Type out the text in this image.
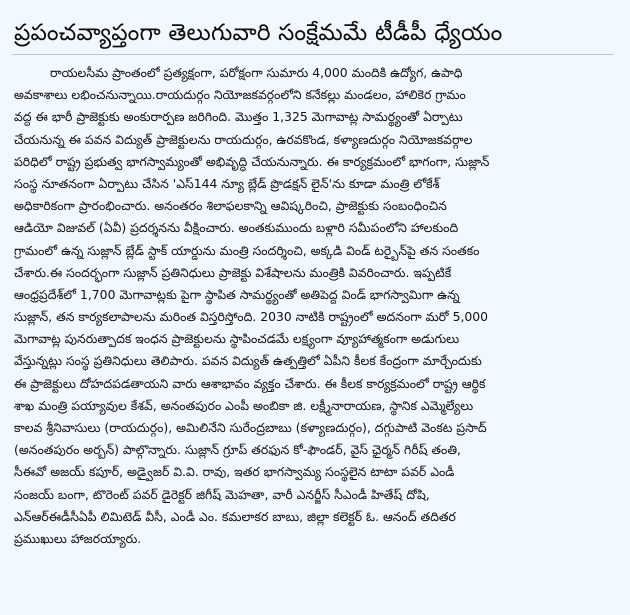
ప్రపంచవ్యాప్తంగా తెలుగువారి సంక్షేమమే టీడీపీ ధ్యేయం
రాయలసీమ ప్రాంతంలో ప్రత్యక్షంగా, పరోక్షంగా సుమారు 4,000 మందికి ఉద్యోగ, ఉపాధి
అవకాశాలు లభించనున్నాయి.రాయదుర్గం నియోజకవర్గంలోని కనేకల్లు మండలం, హాలికెర గ్రామం
వద్ద ఈ భారీ ప్రాజెక్టుకు అంకురార్పణ జరిగింది. మొత్తం 1,325 మెగావాట్ల సామర్థ్యంతో ఏర్పాటు
చేయనున్న ఈ పవన విద్యుత్ ప్రాజెక్టులను రాయదుర్గం, ఉరవకొండ, కళ్యాణదుర్గం నియోజకవర్గాల
పరిధిలో రాష్ట్ర ప్రభుత్వ భాగస్వామ్యంతో అభివృద్ధి చేయనున్నారు. ఈ కార్యక్రమంలో భాగంగా, సుజ్లాన్
సంస్థ నూతనంగా ఏర్పాటు చేసిన 'ఎస్144 న్యూ బ్లేడ్ ప్రొడక్షన్ లైన్'ను కూడా మంత్రి లోకేశ్
అధికారికంగా ప్రారంభించారు. అనంతరం శిలాఫలకాన్ని ఆవిష్కరించి, ప్రాజెక్టుకు సంబంధించిన
ఆడియో విజువల్ (ఏవీ) ప్రదర్శనను వీక్షించారు. అంతకుముందు బళ్లారి సమీపంలోని హాలకుంది
గ్రామంలో ఉన్న సుజ్లాన్ బ్లేడ్ స్టాక్ యార్డును మంత్రి సందర్శించి, అక్కడి విండ్ టర్బైన్‌పై తన సంతకం
చేశారు.ఈ సందర్భంగా సుజ్లాన్ ప్రతినిధులు ప్రాజెక్టు విశేషాలను మంత్రికి వివరించారు. ఇప్పటికే
ఆంధ్రప్రదేశ్‌లో 1,700 మెగావాట్లకు పైగా స్థాపిత సామర్థ్యంతో అతిపెద్ద విండ్ భాగస్వామిగా ఉన్న
సుజ్లాన్, తన కార్యకలాపాలను మరింత విస్తరిస్తోంది. 2030 నాటికి రాష్ట్రంలో అదనంగా మరో 5,000
మెగావాట్ల పునరుత్పాదక ఇంధన ప్రాజెక్టులను స్థాపించడమే లక్ష్యంగా వ్యూహాత్మకంగా అడుగులు
వేస్తున్నట్లు సంస్థ ప్రతినిధులు తెలిపారు. పవన విద్యుత్ ఉత్పత్తిలో ఏపీని కీలక కేంద్రంగా మార్చేందుకు
ఈ ప్రాజెక్టులు దోహదపడతాయని వారు ఆశాభావం వ్యక్తం చేశారు. ఈ కీలక కార్యక్రమంలో రాష్ట్ర ఆర్థిక
శాఖ మంత్రి పయ్యావుల కేశవ్, అనంతపురం ఎంపీ అంబికా జి. లక్ష్మీనారాయణ, స్థానిక ఎమ్మెల్యేలు
కాలవ శ్రీనివాసులు (రాయదుర్గం), అమిలినేని సురేంద్రబాబు (కళ్యాణదుర్గం), దగ్గుపాటి వెంకట ప్రసాద్
(అనంతపురం అర్బన్) పాల్గొన్నారు. సుజ్లాన్ గ్రూప్ తరఫున కో-ఫౌండర్, వైస్ ఛైర్మన్ గిరీష్ తంతి,
సీఈవో అజయ్ కపూర్, అడ్వైజర్ వి.వి. రావు, ఇతర భాగస్వామ్య సంస్థలైన టాటా పవర్ ఎండీ
సంజయ్ బంగా, టొరెంట్ పవర్ డైరెక్టర్ జిగీష్ మెహతా, వారీ ఎనర్జీస్ సీఎండీ హితేష్ దోషి,
ఎన్‌ఆర్‌ఈడీసీఏపీ లిమిటెడ్ వీసీ, ఎండీ ఎం. కమలాకర బాబు, జిల్లా కలెక్టర్ ఓ. ఆనంద్ తదితర
ప్రముఖులు హాజరయ్యారు.
